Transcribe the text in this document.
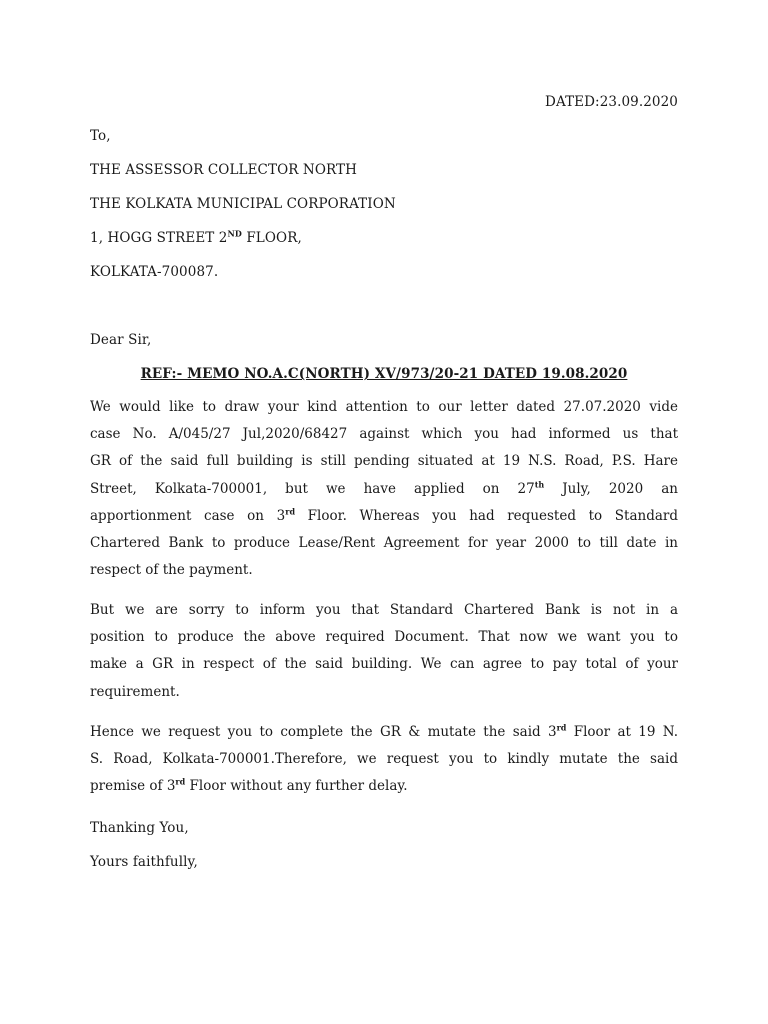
DATED:23.09.2020
To,
THE ASSESSOR COLLECTOR NORTH
THE KOLKATA MUNICIPAL CORPORATION
1, HOGG STREET 2ND FLOOR,
KOLKATA-700087.
Dear Sir,
REF:- MEMO NO.A.C(NORTH) XV/973/20-21 DATED 19.08.2020
We would like to draw your kind attention to our letter dated 27.07.2020 vide
case No. A/045/27 Jul,2020/68427 against which you had informed us that
GR of the said full building is still pending situated at 19 N.S. Road, P.S. Hare
Street, Kolkata-700001, but we have applied on 27th July, 2020 an
apportionment case on 3rd Floor. Whereas you had requested to Standard
Chartered Bank to produce Lease/Rent Agreement for year 2000 to till date in
respect of the payment.
But we are sorry to inform you that Standard Chartered Bank is not in a
position to produce the above required Document. That now we want you to
make a GR in respect of the said building. We can agree to pay total of your
requirement.
Hence we request you to complete the GR & mutate the said 3rd Floor at 19 N.
S. Road, Kolkata-700001.Therefore, we request you to kindly mutate the said
premise of 3rd Floor without any further delay.
Thanking You,
Yours faithfully,
